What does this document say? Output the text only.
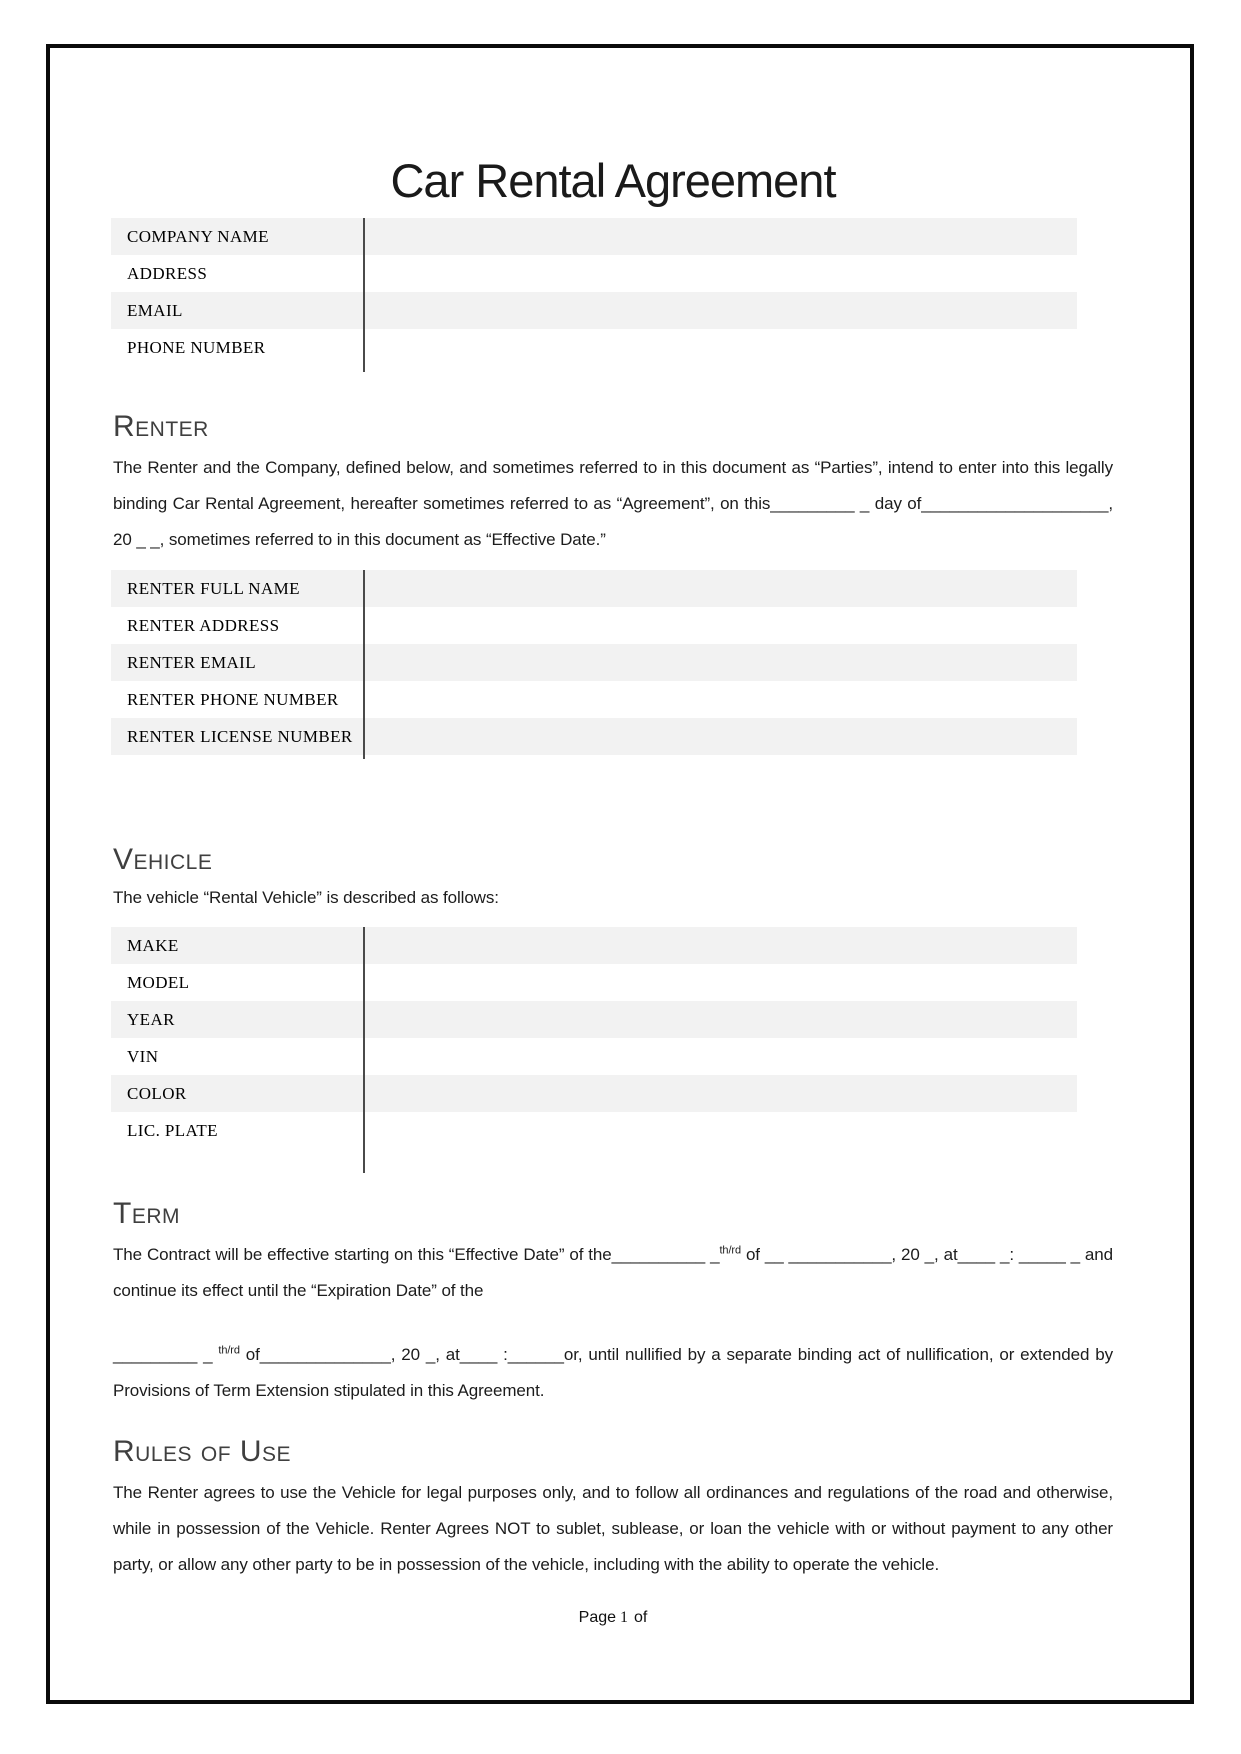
Car Rental Agreement
COMPANY NAME
ADDRESS
EMAIL
PHONE NUMBER
Renter

The Renter and the Company, defined below, and sometimes referred to in this document as “Parties”, intend to enter into this legally binding Car Rental Agreement, hereafter sometimes referred to as “Agreement”, on this_________ _ day of____________________, 20 _ _, sometimes referred to in this document as “Effective Date.”

RENTER FULL NAME
RENTER ADDRESS
RENTER EMAIL
RENTER PHONE NUMBER
RENTER LICENSE NUMBER
Vehicle

The vehicle “Rental Vehicle” is described as follows:

MAKE
MODEL
YEAR
VIN
COLOR
LIC. PLATE
Term

The Contract will be effective starting on this “Effective Date” of the__________ _$^{th/rd}$ of __ ___________, 20 _, at____ _: _____ _ and continue its effect until the “Expiration Date” of the

_________ _ $^{th/rd}$ of______________, 20 _, at____ :______or, until nullified by a separate binding act of nullification, or extended by Provisions of Term Extension stipulated in this Agreement.

Rules of Use

The Renter agrees to use the Vehicle for legal purposes only, and to follow all ordinances and regulations of the road and otherwise, while in possession of the Vehicle. Renter Agrees NOT to sublet, sublease, or loan the vehicle with or without payment to any other party, or allow any other party to be in possession of the vehicle, including with the ability to operate the vehicle.

Page 1 of
